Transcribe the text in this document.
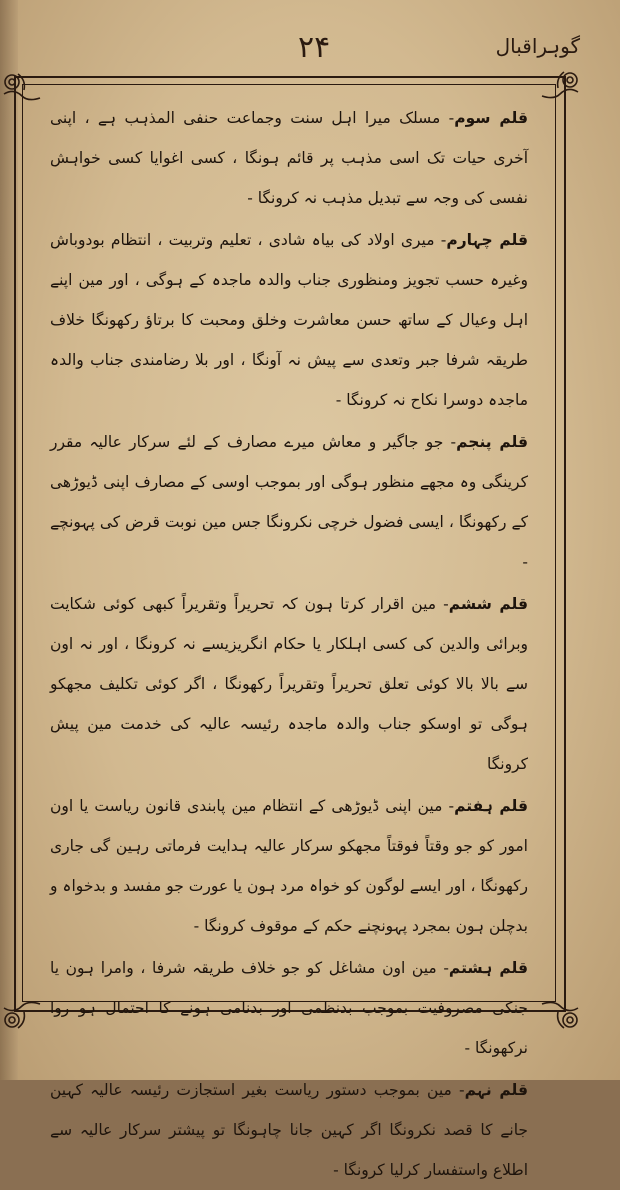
۲۴	گوہراقبال

قلم سوم- مسلک میرا اہل سنت وجماعت حنفی المذہب ہے ، اپنی آخری حیات تک اسی مذہب پر قائم ہونگا ، کسی اغوایا کسی خواہش نفسی کی وجہ سے تبدیل مذہب نہ کرونگا -

قلم چہارم- میری اولاد کی بیاہ شادی ، تعلیم وتربیت ، انتظام بودوباش وغیرہ حسب تجویز ومنظوری جناب والدہ ماجدہ کے ہوگی ، اور مین اپنے اہل وعیال کے ساتھ حسن معاشرت وخلق ومحبت کا برتاؤ رکھونگا خلاف طریقہ شرفا جبر وتعدی سے پیش نہ آونگا ، اور بلا رضامندی جناب والدہ ماجدہ دوسرا نکاح نہ کرونگا -

قلم پنجم- جو جاگیر و معاش میرے مصارف کے لئے سرکار عالیہ مقرر کرینگی وہ مجھے منظور ہوگی اور بموجب اوسی کے مصارف اپنی ڈیوڑھی کے رکھونگا ، ایسی فضول خرچی نکرونگا جس مین نوبت قرض کی پہونچے -

قلم ششم- مین اقرار کرتا ہون کہ تحریراً وتقریراً کبھی کوئی شکایت وبرائی والدین کی کسی اہلکار یا حکام انگریزیسے نہ کرونگا ، اور نہ اون سے بالا بالا کوئی تعلق تحریراً وتقریراً رکھونگا ، اگر کوئی تکلیف مجھکو ہوگی تو اوسکو جناب والدہ ماجدہ رئیسہ عالیہ کی خدمت مین پیش کرونگا

قلم ہفتم- مین اپنی ڈیوڑھی کے انتظام مین پابندی قانون ریاست یا اون امور کو جو وقتاً فوقتاً مجھکو سرکار عالیہ ہدایت فرماتی رہین گی جاری رکھونگا ، اور ایسے لوگون کو خواہ مرد ہون یا عورت جو مفسد و بدخواہ و بدچلن ہون بمجرد پہونچنے حکم کے موقوف کرونگا -

قلم ہشتم- مین اون مشاغل کو جو خلاف طریقہ شرفا ، وامرا ہون یا جنکی مصروفیت بموجب بدنظمی اور بدنامی ہونے کا احتمال ہو روا نرکھونگا -

قلم نہم- مین بموجب دستور ریاست بغیر استجازت رئیسہ عالیہ کہین جانے کا قصد نکرونگا اگر کہین جانا چاہونگا تو پیشتر سرکار عالیہ سے اطلاع واستفسار کرلیا کرونگا -
